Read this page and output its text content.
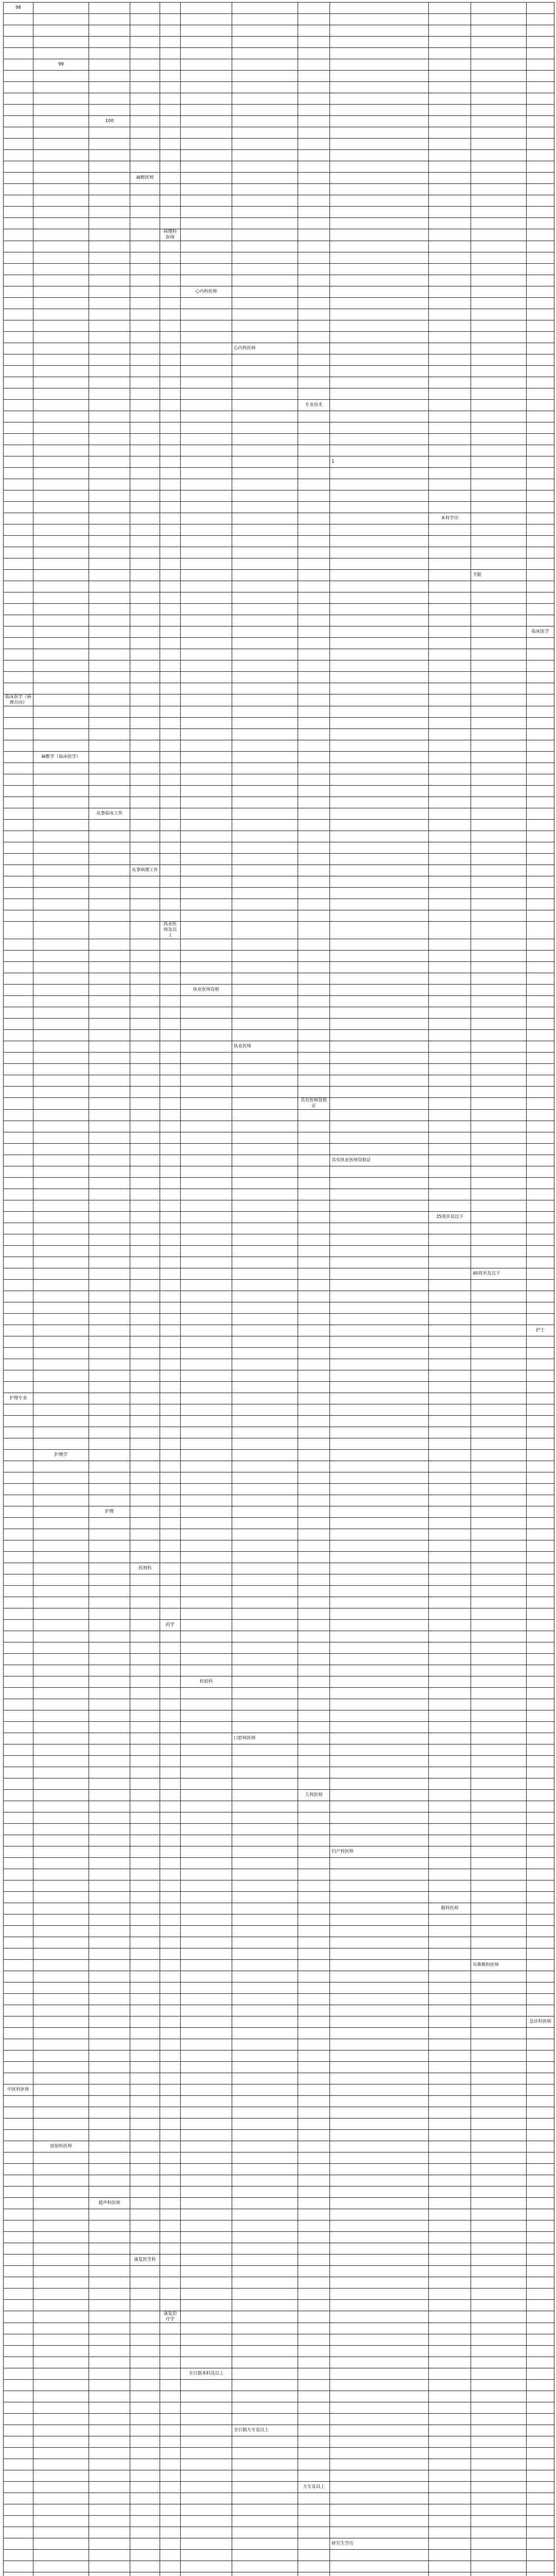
98											

	99										

		100									

			麻醉医师								

				病理科医师							

					心内科医师						

						心内科医师					

							专业技术				

								1			

									本科学历		

										不限	

											临床医学

临床医学（病理方向）											

	麻醉学（临床医学）										

		从事临床工作									

			从事病理工作								

				执业医师及以上							

					执业医师资格						

						执业医师					

							具有医师资格证				

								具有执业医师资格证			

									35周岁及以下		

										40周岁及以下	

											护士

护理专业											

	护理学										

		护理									

			药剂科								

				药学							

					检验科						

						口腔科医师					

							儿科医师				

								妇产科医师			

									眼科医师		

										耳鼻喉科医师	

											急诊科医师

中医科医师											

	放射科医师										

		超声科医师									

			康复医学科								

				康复治疗学							

					全日制本科及以上						

						全日制大专及以上					

							大专及以上				

								研究生学历			
